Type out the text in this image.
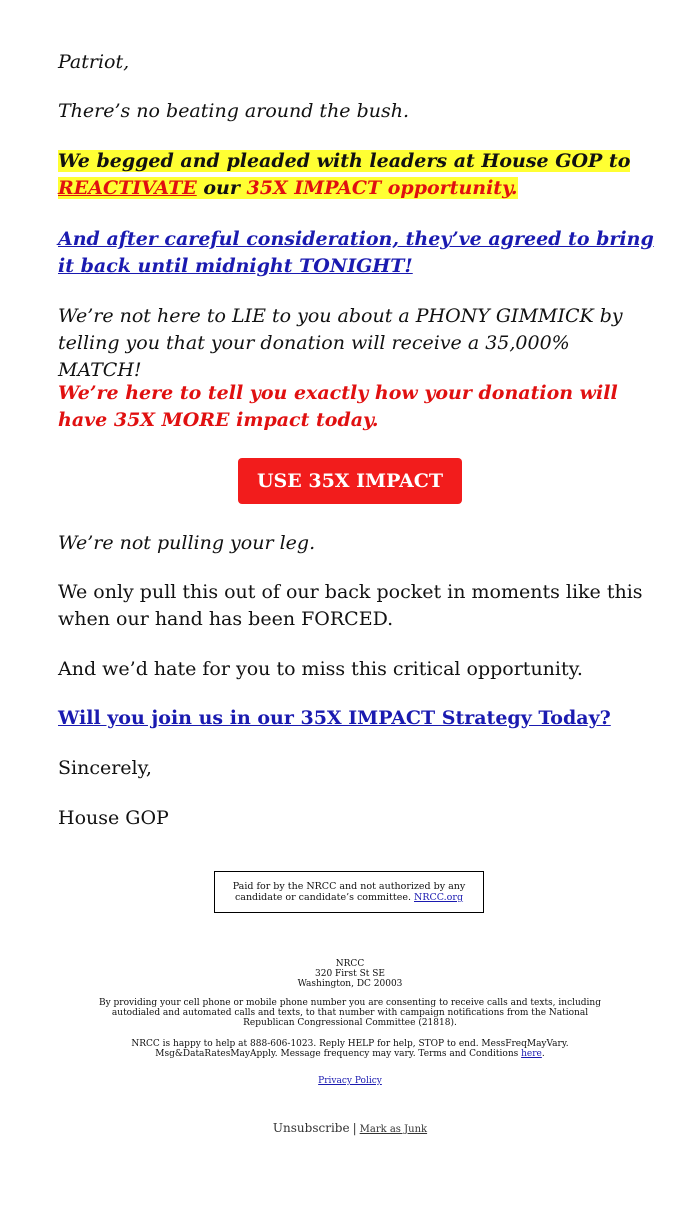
Patriot,
There’s no beating around the bush.
We begged and pleaded with leaders at House GOP to REACTIVATE our 35X IMPACT opportunity.
And after careful consideration, they’ve agreed to bring it back until midnight TONIGHT!
We’re not here to LIE to you about a PHONY GIMMICK by telling you that your donation will receive a 35,000% MATCH!
We’re here to tell you exactly how your donation will have 35X MORE impact today.
USE 35X IMPACT
We’re not pulling your leg.
We only pull this out of our back pocket in moments like this when our hand has been FORCED.
And we’d hate for you to miss this critical opportunity.
Will you join us in our 35X IMPACT Strategy Today?
Sincerely,
House GOP
Paid for by the NRCC and not authorized by any candidate or candidate’s committee. NRCC.org
NRCC
320 First St SE
Washington, DC 20003
By providing your cell phone or mobile phone number you are consenting to receive calls and texts, including autodialed and automated calls and texts, to that number with campaign notifications from the National Republican Congressional Committee (21818).
NRCC is happy to help at 888-606-1023. Reply HELP for help, STOP to end. MessFreqMayVary. Msg&DataRatesMayApply. Message frequency may vary. Terms and Conditions here.
Privacy Policy
Unsubscribe | Mark as Junk
